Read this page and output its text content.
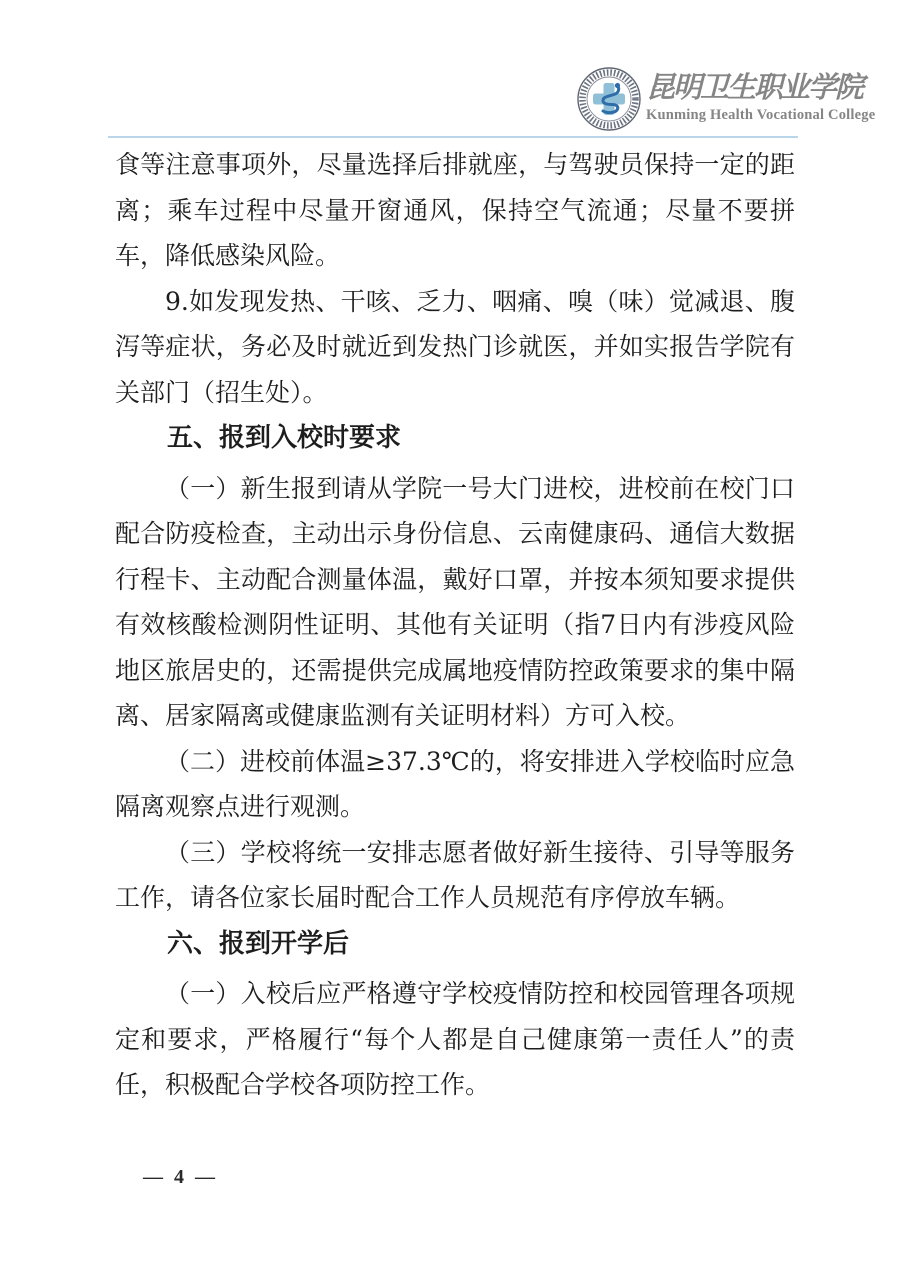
昆明卫生职业学院
Kunming Health Vocational College

食等注意事项外，尽量选择后排就座，与驾驶员保持一定的距离；乘车过程中尽量开窗通风，保持空气流通；尽量不要拼车，降低感染风险。

9.如发现发热、干咳、乏力、咽痛、嗅（味）觉减退、腹泻等症状，务必及时就近到发热门诊就医，并如实报告学院有关部门（招生处）。

五、报到入校时要求

（一）新生报到请从学院一号大门进校，进校前在校门口配合防疫检查，主动出示身份信息、云南健康码、通信大数据行程卡、主动配合测量体温，戴好口罩，并按本须知要求提供有效核酸检测阴性证明、其他有关证明（指7日内有涉疫风险地区旅居史的，还需提供完成属地疫情防控政策要求的集中隔离、居家隔离或健康监测有关证明材料）方可入校。

（二）进校前体温≥37.3℃的，将安排进入学校临时应急隔离观察点进行观测。

（三）学校将统一安排志愿者做好新生接待、引导等服务工作，请各位家长届时配合工作人员规范有序停放车辆。

六、报到开学后

（一）入校后应严格遵守学校疫情防控和校园管理各项规定和要求，严格履行“每个人都是自己健康第一责任人”的责任，积极配合学校各项防控工作。

— 4 —
